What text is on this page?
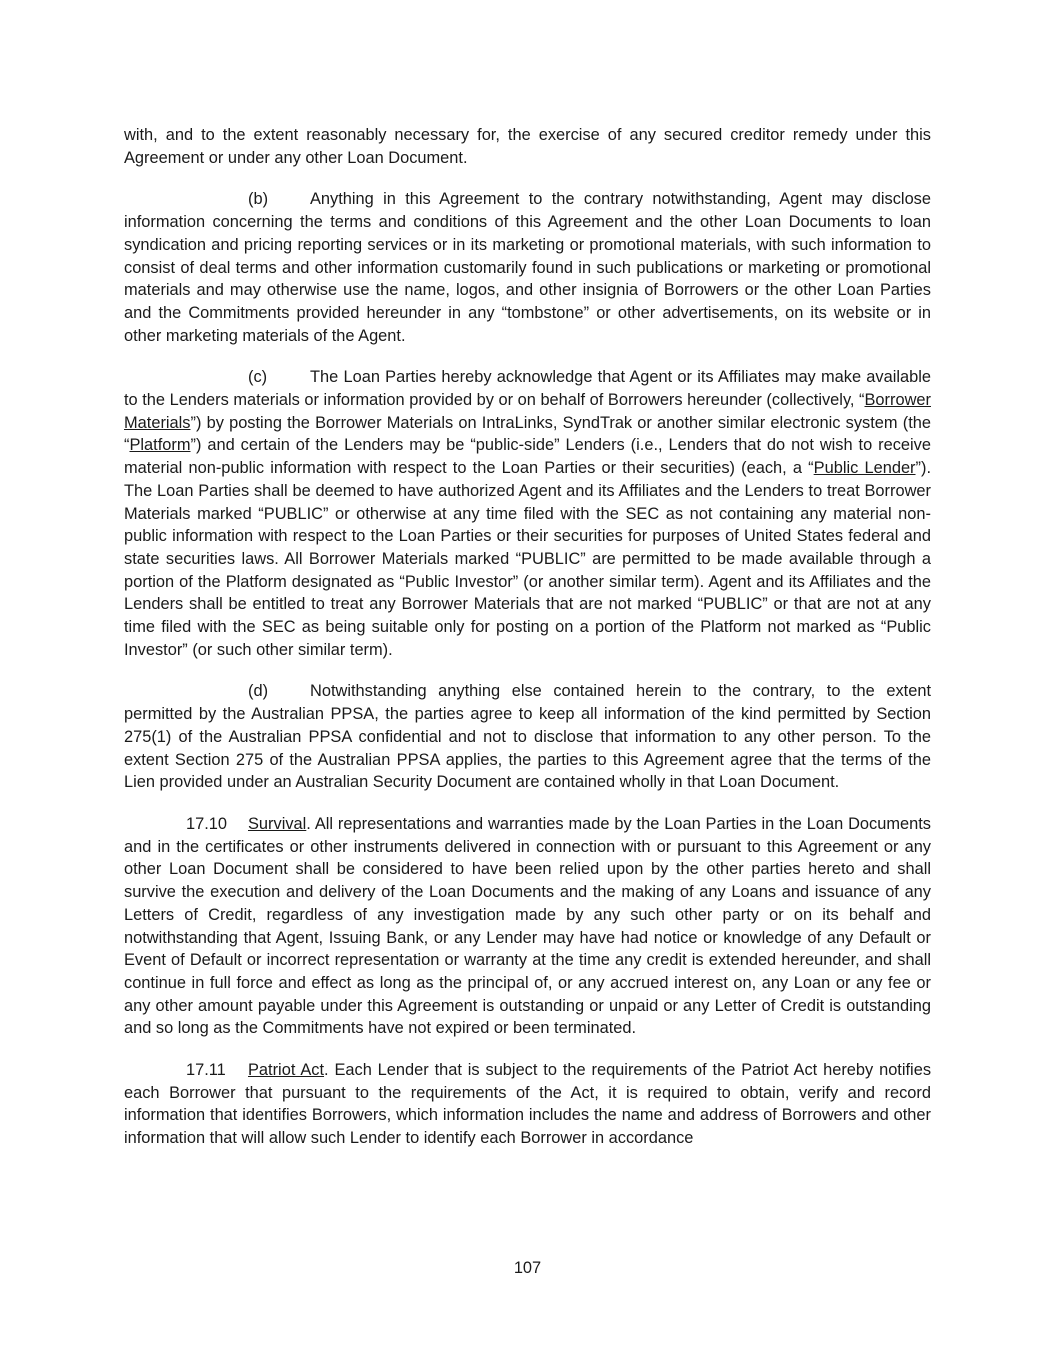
with, and to the extent reasonably necessary for, the exercise of any secured creditor remedy under this Agreement or under any other Loan Document.

(b)	Anything in this Agreement to the contrary notwithstanding, Agent may disclose information concerning the terms and conditions of this Agreement and the other Loan Documents to loan syndication and pricing reporting services or in its marketing or promotional materials, with such information to consist of deal terms and other information customarily found in such publications or marketing or promotional materials and may otherwise use the name, logos, and other insignia of Borrowers or the other Loan Parties and the Commitments provided hereunder in any “tombstone” or other advertisements, on its website or in other marketing materials of the Agent.

(c)	The Loan Parties hereby acknowledge that Agent or its Affiliates may make available to the Lenders materials or information provided by or on behalf of Borrowers hereunder (collectively, “Borrower Materials”) by posting the Borrower Materials on IntraLinks, SyndTrak or another similar electronic system (the “Platform”) and certain of the Lenders may be “public-side” Lenders (i.e., Lenders that do not wish to receive material non-public information with respect to the Loan Parties or their securities) (each, a “Public Lender”). The Loan Parties shall be deemed to have authorized Agent and its Affiliates and the Lenders to treat Borrower Materials marked “PUBLIC” or otherwise at any time filed with the SEC as not containing any material non-public information with respect to the Loan Parties or their securities for purposes of United States federal and state securities laws. All Borrower Materials marked “PUBLIC” are permitted to be made available through a portion of the Platform designated as “Public Investor” (or another similar term). Agent and its Affiliates and the Lenders shall be entitled to treat any Borrower Materials that are not marked “PUBLIC” or that are not at any time filed with the SEC as being suitable only for posting on a portion of the Platform not marked as “Public Investor” (or such other similar term).

(d)	Notwithstanding anything else contained herein to the contrary, to the extent permitted by the Australian PPSA, the parties agree to keep all information of the kind permitted by Section 275(1) of the Australian PPSA confidential and not to disclose that information to any other person. To the extent Section 275 of the Australian PPSA applies, the parties to this Agreement agree that the terms of the Lien provided under an Australian Security Document are contained wholly in that Loan Document.

17.10 Survival. All representations and warranties made by the Loan Parties in the Loan Documents and in the certificates or other instruments delivered in connection with or pursuant to this Agreement or any other Loan Document shall be considered to have been relied upon by the other parties hereto and shall survive the execution and delivery of the Loan Documents and the making of any Loans and issuance of any Letters of Credit, regardless of any investigation made by any such other party or on its behalf and notwithstanding that Agent, Issuing Bank, or any Lender may have had notice or knowledge of any Default or Event of Default or incorrect representation or warranty at the time any credit is extended hereunder, and shall continue in full force and effect as long as the principal of, or any accrued interest on, any Loan or any fee or any other amount payable under this Agreement is outstanding or unpaid or any Letter of Credit is outstanding and so long as the Commitments have not expired or been terminated.

17.11 Patriot Act. Each Lender that is subject to the requirements of the Patriot Act hereby notifies each Borrower that pursuant to the requirements of the Act, it is required to obtain, verify and record information that identifies Borrowers, which information includes the name and address of Borrowers and other information that will allow such Lender to identify each Borrower in accordance

107
